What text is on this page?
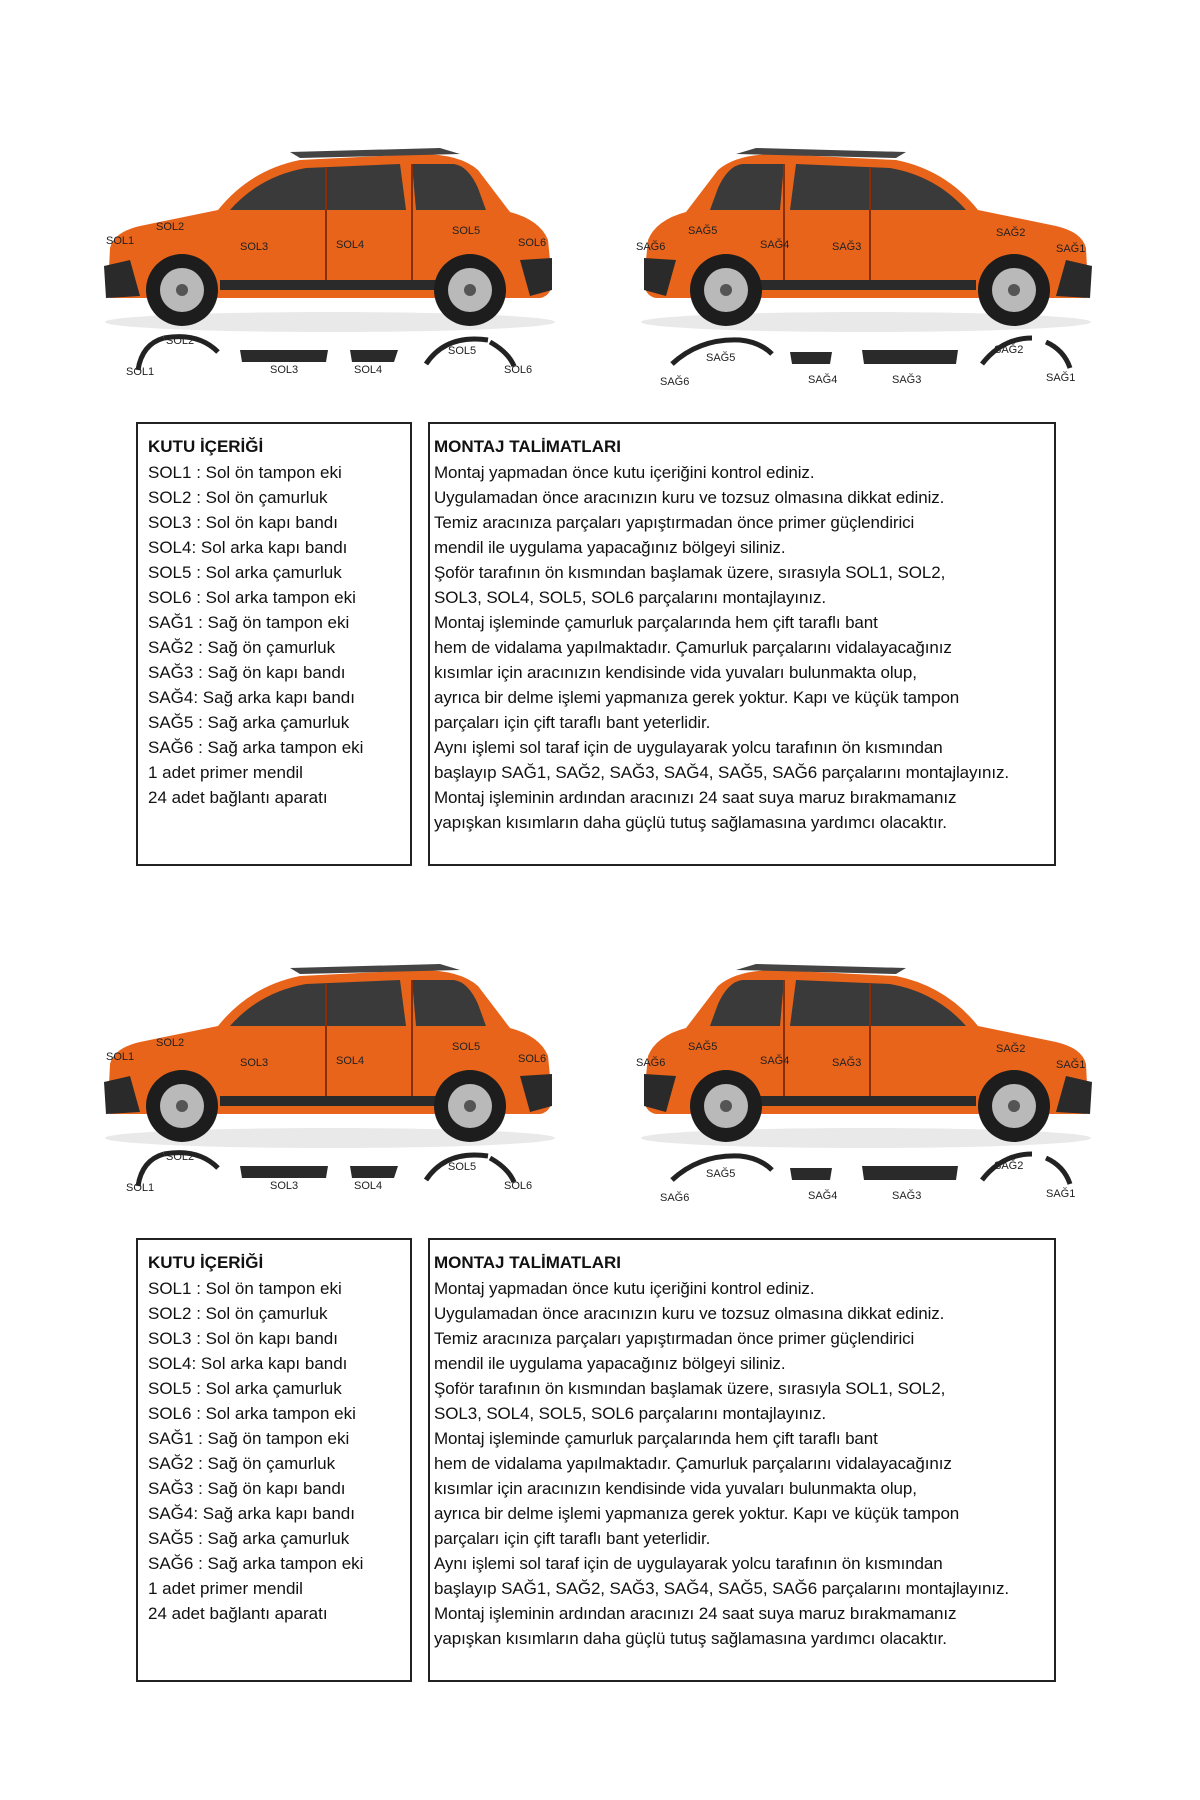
SOL1
SOL2
SOL3	SOL4
SOL5
SOL6
SOL1
SOL2
SOL3	SOL4
SOL5
SOL6
SAĞ1
SAĞ2
SAĞ3
SAĞ4
SAĞ5
SAĞ6
SAĞ6
SAĞ5
SAĞ4	SAĞ3
SAĞ2
SAĞ1
KUTU İÇERİĞİ

SOL1 : Sol ön tampon eki

SOL2 : Sol ön çamurluk

SOL3 : Sol ön kapı bandı

SOL4: Sol arka kapı bandı

SOL5 : Sol arka çamurluk

SOL6 : Sol arka tampon eki

SAĞ1 : Sağ ön tampon eki

SAĞ2 : Sağ ön çamurluk

SAĞ3 : Sağ ön kapı bandı

SAĞ4: Sağ arka kapı bandı

SAĞ5 : Sağ arka çamurluk

SAĞ6 : Sağ arka tampon eki

1 adet primer mendil

24 adet bağlantı aparatı

MONTAJ TALİMATLARI

Montaj yapmadan önce kutu içeriğini kontrol ediniz.

Uygulamadan önce aracınızın kuru ve tozsuz olmasına dikkat ediniz.

Temiz aracınıza parçaları yapıştırmadan önce primer güçlendirici

mendil ile uygulama yapacağınız bölgeyi siliniz.

Şoför tarafının ön kısmından başlamak üzere, sırasıyla SOL1, SOL2,

SOL3, SOL4, SOL5, SOL6 parçalarını montajlayınız.

Montaj işleminde çamurluk parçalarında hem çift taraflı bant

hem de vidalama yapılmaktadır. Çamurluk parçalarını vidalayacağınız

kısımlar için aracınızın kendisinde vida yuvaları bulunmakta olup,

ayrıca bir delme işlemi yapmanıza gerek yoktur. Kapı ve küçük tampon

parçaları için çift taraflı bant yeterlidir.

Aynı işlemi sol taraf için de uygulayarak yolcu tarafının ön kısmından

başlayıp SAĞ1, SAĞ2, SAĞ3, SAĞ4, SAĞ5, SAĞ6 parçalarını montajlayınız.

Montaj işleminin ardından aracınızı 24 saat suya maruz bırakmamanız

yapışkan kısımların daha güçlü tutuş sağlamasına yardımcı olacaktır.

SOL1
SOL2
SOL3	SOL4
SOL5
SOL6
SOL1
SOL2
SOL3	SOL4
SOL5
SOL6
SAĞ1
SAĞ2
SAĞ3
SAĞ4
SAĞ5
SAĞ6
SAĞ6
SAĞ5
SAĞ4	SAĞ3
SAĞ2
SAĞ1
KUTU İÇERİĞİ

SOL1 : Sol ön tampon eki

SOL2 : Sol ön çamurluk

SOL3 : Sol ön kapı bandı

SOL4: Sol arka kapı bandı

SOL5 : Sol arka çamurluk

SOL6 : Sol arka tampon eki

SAĞ1 : Sağ ön tampon eki

SAĞ2 : Sağ ön çamurluk

SAĞ3 : Sağ ön kapı bandı

SAĞ4: Sağ arka kapı bandı

SAĞ5 : Sağ arka çamurluk

SAĞ6 : Sağ arka tampon eki

1 adet primer mendil

24 adet bağlantı aparatı

MONTAJ TALİMATLARI

Montaj yapmadan önce kutu içeriğini kontrol ediniz.

Uygulamadan önce aracınızın kuru ve tozsuz olmasına dikkat ediniz.

Temiz aracınıza parçaları yapıştırmadan önce primer güçlendirici

mendil ile uygulama yapacağınız bölgeyi siliniz.

Şoför tarafının ön kısmından başlamak üzere, sırasıyla SOL1, SOL2,

SOL3, SOL4, SOL5, SOL6 parçalarını montajlayınız.

Montaj işleminde çamurluk parçalarında hem çift taraflı bant

hem de vidalama yapılmaktadır. Çamurluk parçalarını vidalayacağınız

kısımlar için aracınızın kendisinde vida yuvaları bulunmakta olup,

ayrıca bir delme işlemi yapmanıza gerek yoktur. Kapı ve küçük tampon

parçaları için çift taraflı bant yeterlidir.

Aynı işlemi sol taraf için de uygulayarak yolcu tarafının ön kısmından

başlayıp SAĞ1, SAĞ2, SAĞ3, SAĞ4, SAĞ5, SAĞ6 parçalarını montajlayınız.

Montaj işleminin ardından aracınızı 24 saat suya maruz bırakmamanız

yapışkan kısımların daha güçlü tutuş sağlamasına yardımcı olacaktır.
